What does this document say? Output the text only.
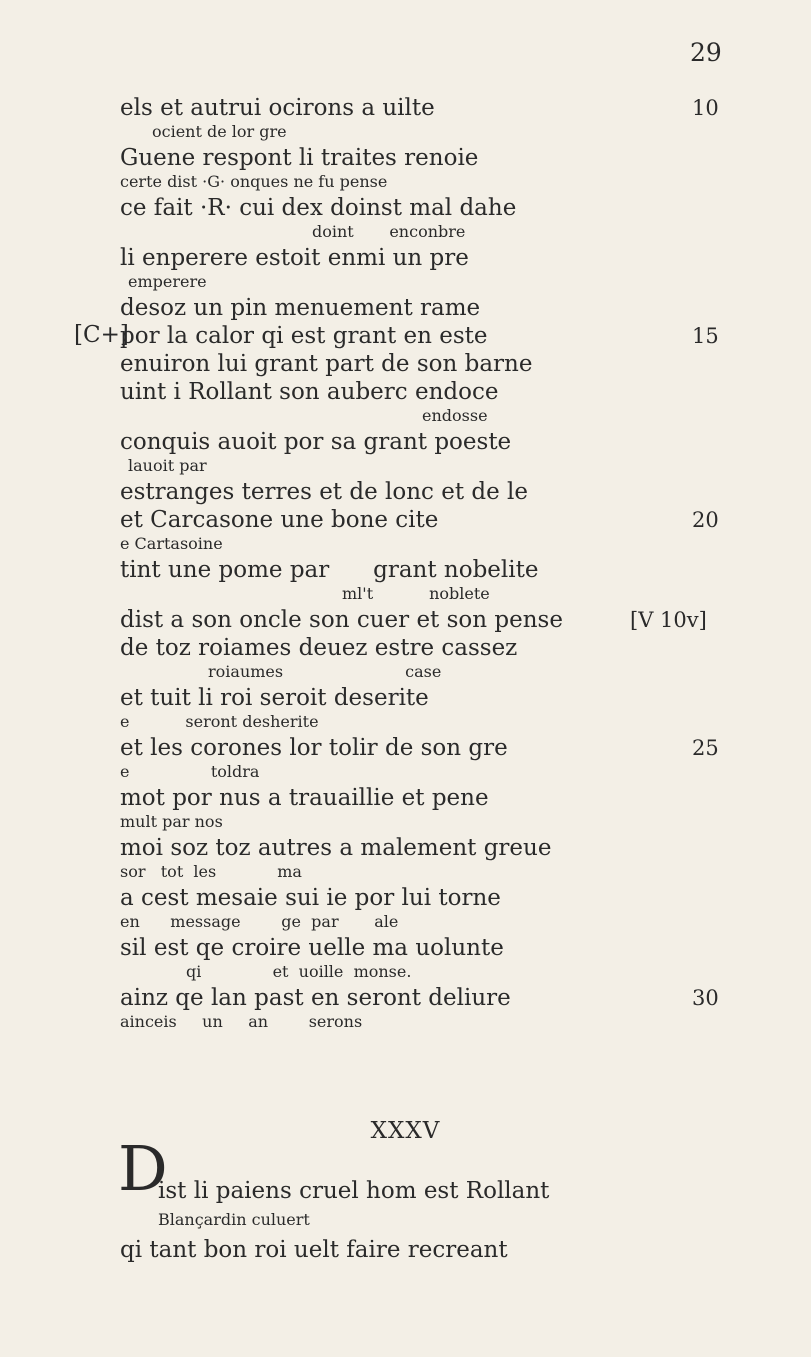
29
els et autrui ocirons a uilte	10
ocient de lor gre
Guene respont li traites renoie
certe dist ·G· onques ne fu pense
ce fait ·R· cui dex doinst mal dahe
doint       enconbre
li enperere estoit enmi un pre
emperere
desoz un pin menuement rame
por la calor qi est grant en este
[C+]	15
enuiron lui grant part de son barne
uint i Rollant son auberc endoce
endosse
conquis auoit por sa grant poeste
lauoit par
estranges terres et de lonc et de le
et Carcasone une bone cite	20
e Cartasoine
tint une pome par      grant nobelite
ml't           noblete
dist a son oncle son cuer et son pense	[V 10v]
de toz roiames deuez estre cassez
roiaumes                        case
et tuit li roi seroit deserite
e           seront desherite
et les corones lor tolir de son gre	25
e                toldra
mot por nus a trauaillie et pene
mult par nos
moi soz toz autres a malement greue
sor   tot  les            ma
a cest mesaie sui ie por lui torne
en      message        ge  par       ale
sil est qe croire uelle ma uolunte
qi              et  uoille  monse.
ainz qe lan past en seront deliure	30
ainceis     un     an        serons
XXXV
D
ist li paiens cruel hom est Rollant
Blançardin culuert
qi tant bon roi uelt faire recreant
